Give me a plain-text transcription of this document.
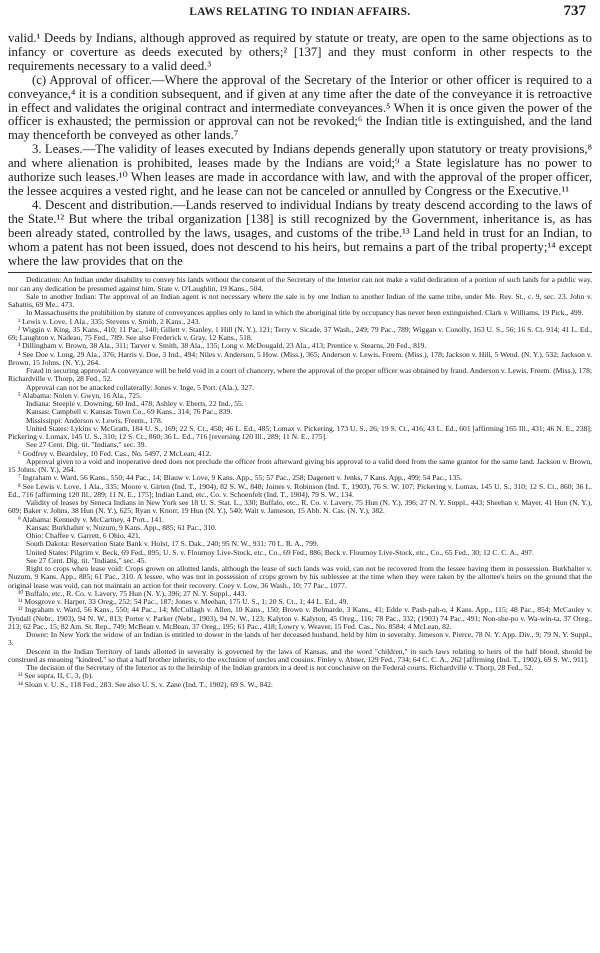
LAWS RELATING TO INDIAN AFFAIRS.	737

valid.¹ Deeds by Indians, although approved as required by statute or treaty, are open to the same objections as to infancy or coverture as deeds executed by others;² [137] and they must conform in other respects to the requirements necessary to a valid deed.³

(c) Approval of officer.—Where the approval of the Secretary of the Interior or other officer is required to a conveyance,⁴ it is a condition subsequent, and if given at any time after the date of the conveyance it is retroactive in effect and validates the original contract and intermediate conveyances.⁵ When it is once given the power of the officer is exhausted; the permission or approval can not be revoked;⁶ the Indian title is extinguished, and the land may thenceforth be conveyed as other lands.⁷

3. Leases.—The validity of leases executed by Indians depends generally upon statutory or treaty provisions,⁸ and where alienation is prohibited, leases made by the Indians are void;⁹ a State legislature has no power to authorize such leases.¹⁰ When leases are made in accordance with law, and with the approval of the proper officer, the lessee acquires a vested right, and he lease can not be canceled or annulled by Congress or the Executive.¹¹

4. Descent and distribution.—Lands reserved to individual Indians by treaty descend according to the laws of the State.¹² But where the tribal organization [138] is still recognized by the Government, inheritance is, as has been already stated, controlled by the laws, usages, and customs of the tribe.¹³ Land held in trust for an Indian, to whom a patent has not been issued, does not descend to his heirs, but remains a part of the tribal property;¹⁴ except where the law provides that on the

Dedication: An Indian under disability to convey his lands without the consent of the Secretary of the Interior can not make a valid dedication of a portion of such lands for a public way, nor can any dedication be presumed against him. State v. O'Laughlin, 19 Kans., 504.

Sale to another Indian: The approval of an Indian agent is not necessary where the sale is by one Indian to another Indian of the same tribe, under Me. Rev. St., c. 9, sec. 23. John v. Sabattis, 69 Me., 473.

In Massachusetts the prohibition by statute of conveyances applies only to land in which the aboriginal title by occupancy has never been extinguished. Clark v. Williams, 19 Pick., 499.

¹ Lewis v. Love, 1 Ala., 335; Stevens v. Smith, 2 Kans., 243.

² Wiggin v. King, 35 Kans., 410; 11 Pac., 140; Gillett v. Stanley, 1 Hill (N. Y.), 121; Terry v. Sicade, 37 Wash., 249; 79 Pac., 789; Wiggan v. Conolly, 163 U. S., 56; 16 S. Ct. 914; 41 L. Ed., 69; Laughton v. Nadeau, 75 Fed., 789. See also Frederick v. Gray, 12 Kans., 518.

³ Dillingham v. Brown, 38 Ala., 311; Tarver v. Smith, 38 Ala., 135; Long v. McDougald, 23 Ala., 413; Prentice v. Stearns, 20 Fed., 819.

⁴ See Doe v. Long, 29 Ala., 376; Harris v. Doe, 3 Ind., 494; Niles v. Anderson, 5 How. (Miss.), 365; Anderson v. Lewis, Freem. (Miss.), 178; Jackson v. Hill, 5 Wend. (N. Y.), 532; Jackson v. Brown, 15 Johns. (N. Y.), 264.

Fraud in securing approval: A conveyance will be held void in a court of chancery, where the approval of the proper officer was obtained by fraud. Anderson v. Lewis, Freem. (Miss.), 178; Richardville v. Thorp, 28 Fed., 52.

Approval can not be attacked collaterally: Jones v. Inge, 5 Port. (Ala.), 327.

⁵ Alabama: Nolen v. Gwyn, 16 Ala., 725.

Indiana: Steeple v. Downing, 60 Ind., 478; Ashley v. Eberts, 22 Ind., 55.

Kansas: Campbell v. Kansas Town Co., 69 Kans., 314; 76 Pac., 839.

Mississippi: Anderson v. Lewis, Freem., 178.

United States: Lykins v. McGrath, 184 U. S., 169; 22 S. Ct., 450; 46 L. Ed., 485; Lomax v. Pickering, 173 U. S., 26; 19 S. Ct., 416; 43 L. Ed., 601 [affirming 165 Ill., 431; 46 N. E., 238]; Pickering v. Lomax, 145 U. S., 310; 12 S. Ct., 860; 36 L. Ed., 716 [reversing 120 Ill., 289; 11 N. E., 175].

See 27 Cent. Dig. tit. "Indians," sec. 39.

⁶ Godfrey v. Beardsley, 10 Fed. Cas., No. 5497, 2 McLean, 412.

Approval given to a void and inoperative deed does not preclude the officer from afterward giving his approval to a valid deed from the same grantor for the same land. Jackson v. Brown, 15 Johns. (N. Y.), 264.

⁷ Ingraham v. Ward, 56 Kans., 550; 44 Pac., 14; Blauw v. Love, 9 Kans. App., 55; 57 Pac., 258; Dagenett v. Jenks, 7 Kans. App., 499; 54 Pac., 135.

⁸ See Lewis v. Love, 1 Ala., 335; Moore v. Girten (Ind. T., 1904), 82 S. W., 848; Joines v. Robinson (Ind. T., 1903), 76 S. W. 107; Pickering v. Lomax, 145 U. S., 310; 12 S. Ct., 860; 36 L. Ed., 716 [affirming 120 Ill., 289; 11 N. E., 175]; Indian Land, etc., Co. v. Schoenfelt (Ind. T., 1904), 79 S. W., 134.

Validity of leases by Seneca Indians in New York see 18 U. S. Stat. L., 330; Buffalo, etc., R. Co. v. Lavery, 75 Hun (N. Y.), 396; 27 N. Y. Suppl., 443; Sheehan v. Mayer, 41 Hun (N. Y.), 609; Baker v. Johns, 38 Hun (N. Y.), 625; Ryan v. Knorr, 19 Hun (N. Y.), 540; Wait v. Jameson, 15 Abb. N. Cas. (N. Y.), 382.

⁹ Alabama: Kennedy v. McCartney, 4 Port., 141.

Kansas: Burkhalter v. Nuzum, 9 Kans. App., 885; 61 Pac., 310.

Ohio: Chaffee v. Garrett, 6 Ohio, 421.

South Dakota: Reservation State Bank v. Holst, 17 S. Dak., 240; 95 N. W., 931; 70 L. R. A., 799.

United States: Pilgrim v. Beck, 69 Fed., 895; U. S. v. Flournoy Live-Stock, etc., Co., 69 Fed., 886; Beck v. Flournoy Live-Stock, etc., Co., 65 Fed., 30; 12 C. C. A., 497.

See 27 Cent. Dig. tit. "Indians," sec. 45.

Right to crops when lease void: Crops grown on allotted lands, although the lease of such lands was void, can not be recovered from the lessee having them in possession. Burkhalter v. Nuzum, 9 Kans. App., 885; 61 Pac., 310. A lessee, who was not in possession of crops grown by his sublessee at the time when they were taken by the allottee's heirs on the ground that the original lease was void, can not maintain an action for their recovery. Coey v. Low, 36 Wash., 10; 77 Pac., 1077.

¹⁰ Buffalo, etc., R. Co. v. Lavery, 75 Hun (N. Y.), 396; 27 N. Y. Suppl., 443.

¹¹ Mosgrove v. Harper, 33 Oreg., 252; 54 Pac., 187; Jones v. Meehan, 175 U. S., 1; 20 S. Ct., 1; 44 L. Ed., 49.

¹² Ingraham v. Ward, 56 Kans., 550; 44 Pac., 14; McCullagh v. Allen, 10 Kans., 150; Brown v. Belmarde, 3 Kans., 41; Edde v. Pash-pah-o, 4 Kans. App., 115; 48 Pac., 854; McCauley v. Tyndall (Nebr., 1903), 94 N. W., 813; Porter v. Parker (Nebr., 1903), 94 N. W., 123; Kalyton v. Kalyton, 45 Oreg., 116; 78 Pac., 332; (1903) 74 Pac., 491; Non-she-po v. Wa-win-ta, 37 Oreg., 213; 62 Pac., 15; 82 Am. St. Rep., 749; McBean v. McBean, 37 Oreg., 195; 61 Pac., 418; Lowry v. Weaver, 15 Fed. Cas., No. 8584; 4 McLean, 82.

Dower: In New York the widow of an Indian is entitled to dower in the lands of her deceased husband, held by him in severalty. Jimeson v. Pierce, 78 N. Y. App. Div., 9; 79 N. Y. Suppl., 3.

Descent in the Indian Territory of lands allotted in severalty is governed by the laws of Kansas, and the word "children," in such laws relating to heirs of the half blood, should be construed as meaning "kindred," so that a half brother inherits, to the exclusion of uncles and cousins. Finley v. Abner, 129 Fed., 734; 64 C. C. A., 262 [affirming (Ind. T., 1902), 69 S. W., 911].

The decision of the Secretary of the Interior as to the heirship of the Indian grantors in a deed is not conclusive on the Federal courts. Richardville v. Thorp, 28 Fed., 52.

¹³ See supra, II, C, 3, (b).

¹⁴ Sloan v. U. S., 118 Fed., 283. See also U. S. v. Zane (Ind. T., 1902), 69 S. W., 842.
